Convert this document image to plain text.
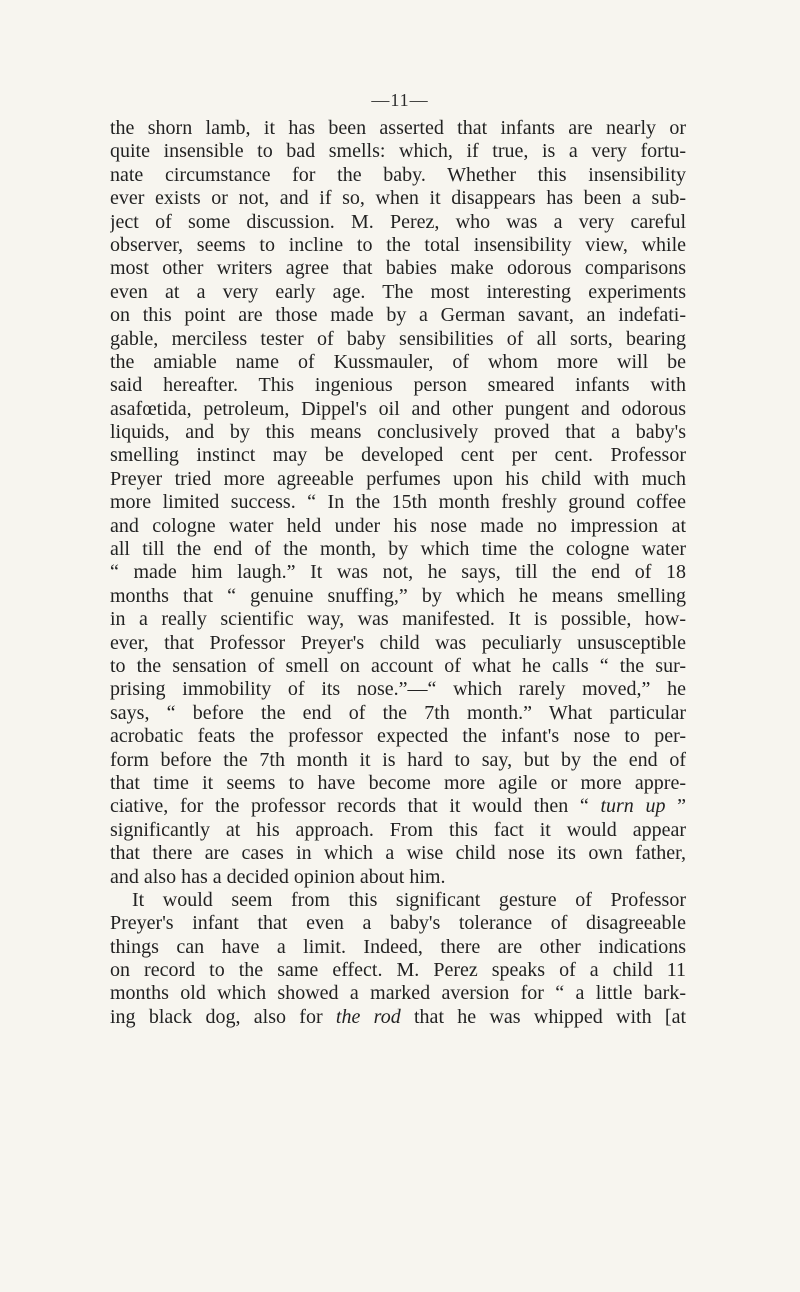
—11—
the shorn lamb, it has been asserted that infants are nearly or
quite insensible to bad smells: which, if true, is a very fortu-
nate circumstance for the baby. Whether this insensibility
ever exists or not, and if so, when it disappears has been a sub-
ject of some discussion. M. Perez, who was a very careful
observer, seems to incline to the total insensibility view, while
most other writers agree that babies make odorous comparisons
even at a very early age. The most interesting experiments
on this point are those made by a German savant, an indefati-
gable, merciless tester of baby sensibilities of all sorts, bearing
the amiable name of Kussmauler, of whom more will be
said hereafter. This ingenious person smeared infants with
asafœtida, petroleum, Dippel's oil and other pungent and odorous
liquids, and by this means conclusively proved that a baby's
smelling instinct may be developed cent per cent. Professor
Preyer tried more agreeable perfumes upon his child with much
more limited success. “ In the 15th month freshly ground coffee
and cologne water held under his nose made no impression at
all till the end of the month, by which time the cologne water
“ made him laugh.” It was not, he says, till the end of 18
months that “ genuine snuffing,” by which he means smelling
in a really scientific way, was manifested. It is possible, how-
ever, that Professor Preyer's child was peculiarly unsusceptible
to the sensation of smell on account of what he calls “ the sur-
prising immobility of its nose.”—“ which rarely moved,” he
says, “ before the end of the 7th month.” What particular
acrobatic feats the professor expected the infant's nose to per-
form before the 7th month it is hard to say, but by the end of
that time it seems to have become more agile or more appre-
ciative, for the professor records that it would then “ turn up ”
significantly at his approach. From this fact it would appear
that there are cases in which a wise child nose its own father,
and also has a decided opinion about him.
It would seem from this significant gesture of Professor
Preyer's infant that even a baby's tolerance of disagreeable
things can have a limit. Indeed, there are other indications
on record to the same effect. M. Perez speaks of a child 11
months old which showed a marked aversion for “ a little bark-
ing black dog, also for the rod that he was whipped with [at
